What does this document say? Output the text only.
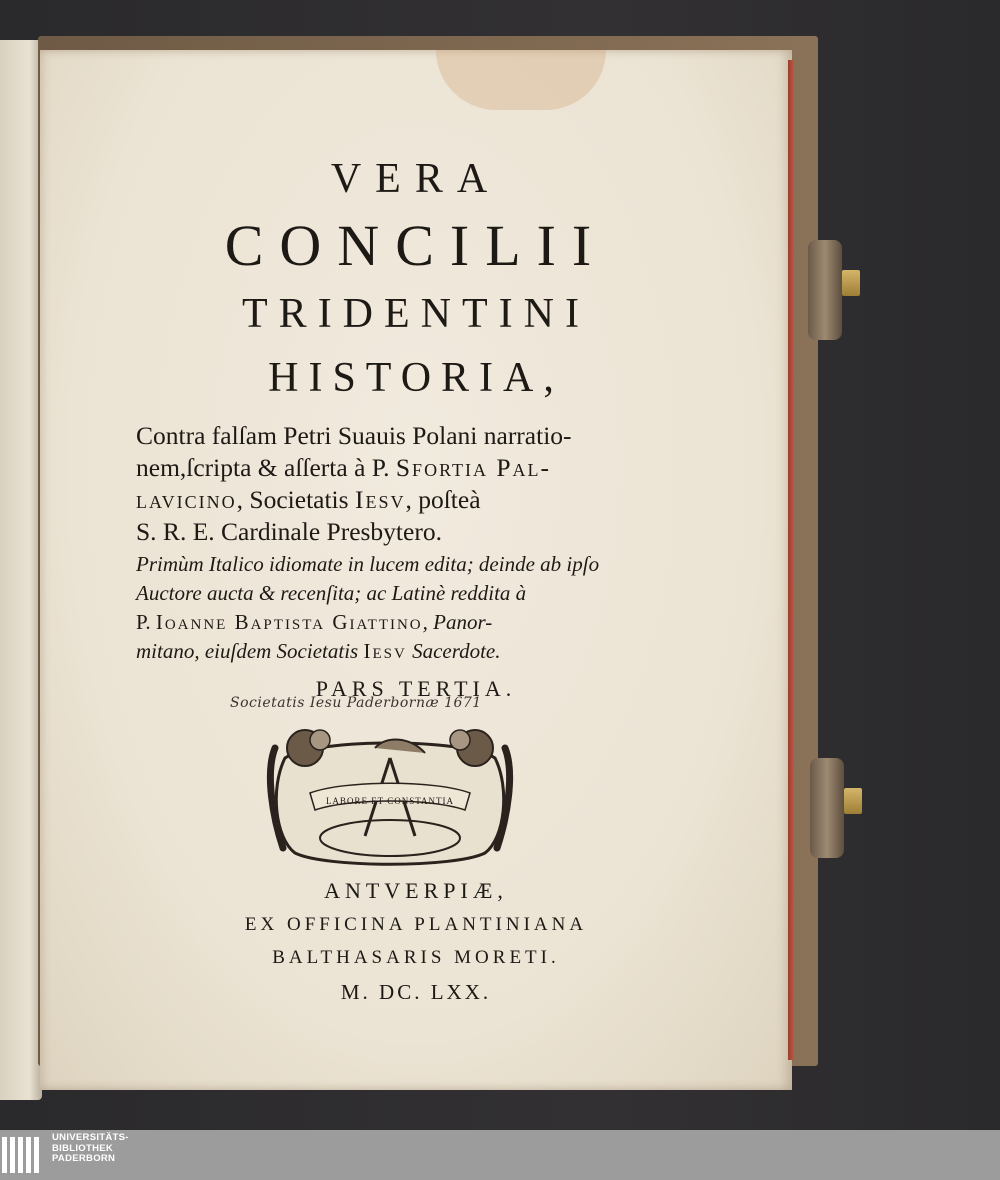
VERA
CONCILII
TRIDENTINI
HISTORIA,
Contra falſam Petri Suauis Polani narratio-
nem,ſcripta & aſſerta à P. Sfortia Pal-
lavicino, Societatis Iesv, poſteà
S. R. E. Cardinale Presbytero.
Primùm Italico idiomate in lucem edita; deinde ab ipſo
Auctore aucta & recenſita; ac Latinè reddita à
P. Ioanne Baptista Giattino, Panor-
mitano, eiuſdem Societatis Iesv Sacerdote.
PARS TERTIA.
Societatis Iesu Paderbornæ 1671
LABORE ET CONSTANTIA
ANTVERPIÆ,
EX OFFICINA PLANTINIANA
BALTHASARIS MORETI.
M. DC. LXX.
UNIVERSITÄTS-
BIBLIOTHEK
PADERBORN
